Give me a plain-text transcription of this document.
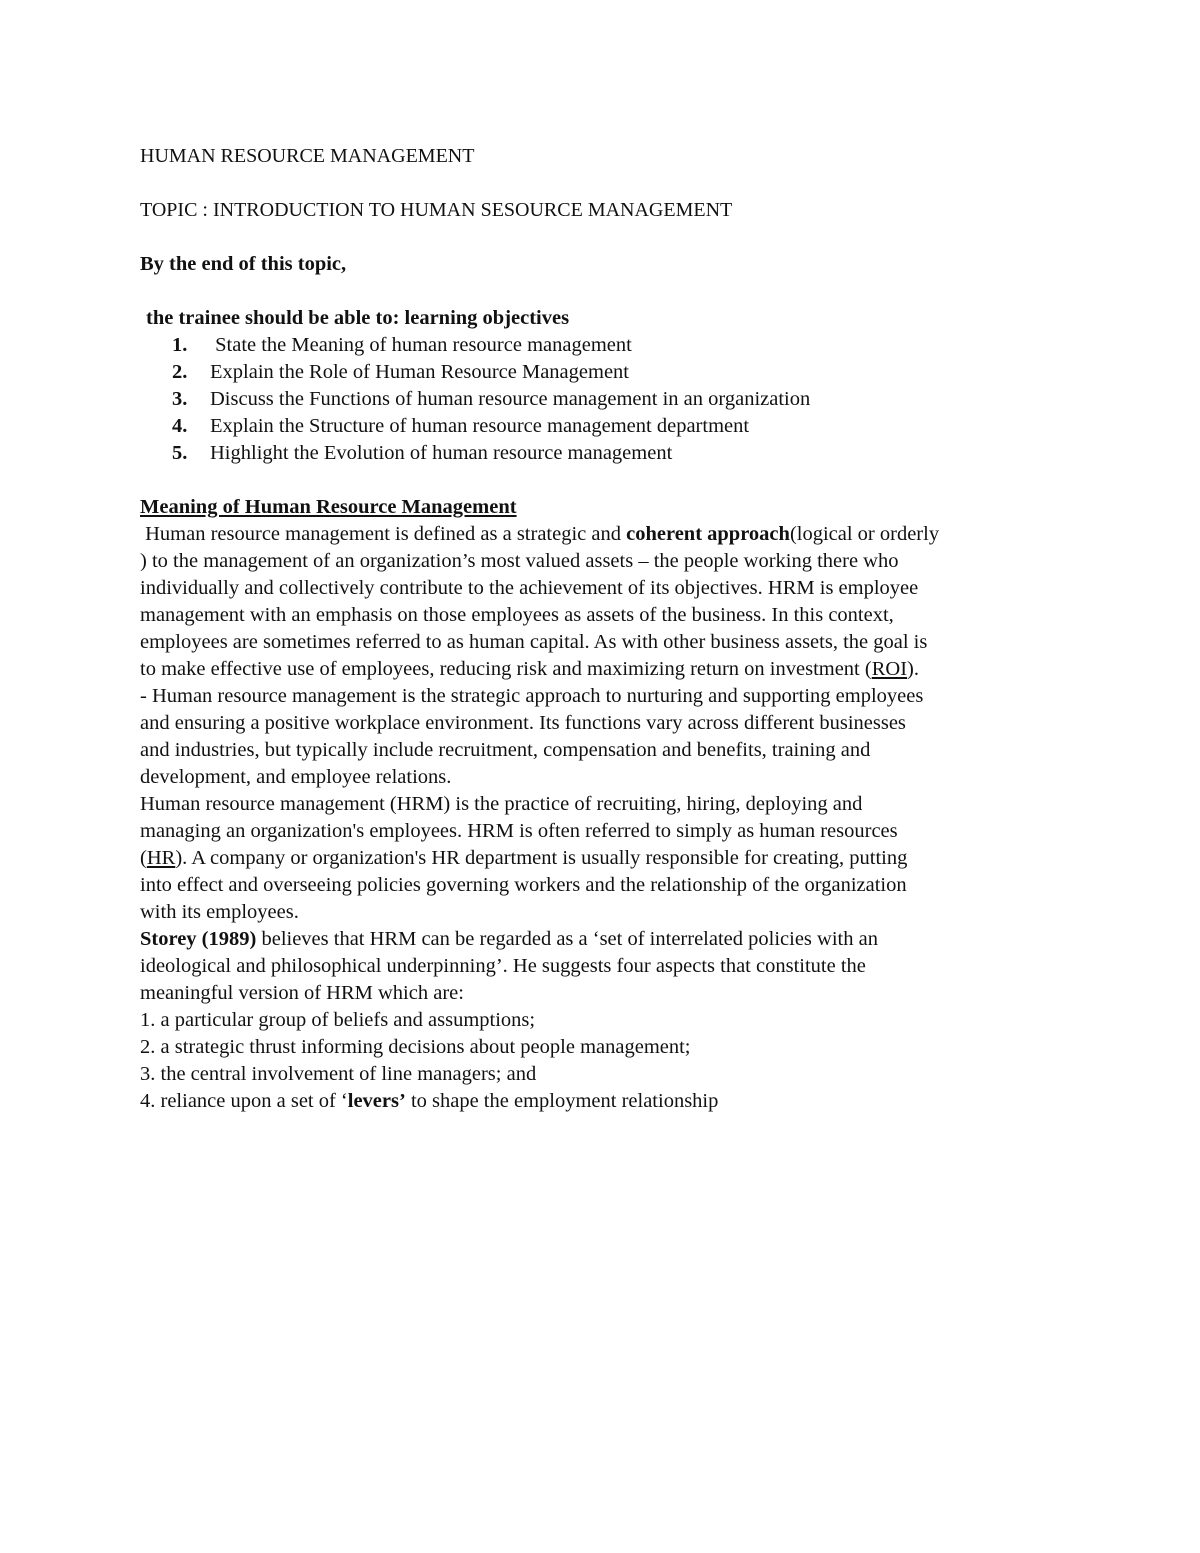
HUMAN RESOURCE MANAGEMENT

TOPIC : INTRODUCTION TO HUMAN SESOURCE MANAGEMENT

By the end of this topic,

the trainee should be able to: learning objectives

1.	State the Meaning of human resource management
2.	Explain the Role of Human Resource Management
3.	Discuss the Functions of human resource management in an organization
4.	Explain the Structure of human resource management department
5.	Highlight the Evolution of human resource management

Meaning of Human Resource Management

Human resource management is defined as a strategic and coherent approach(logical or orderly
) to the management of an organization’s most valued assets – the people working there who
individually and collectively contribute to the achievement of its objectives. HRM is employee
management with an emphasis on those employees as assets of the business. In this context,
employees are sometimes referred to as human capital. As with other business assets, the goal is
to make effective use of employees, reducing risk and maximizing return on investment (ROI).
- Human resource management is the strategic approach to nurturing and supporting employees
and ensuring a positive workplace environment. Its functions vary across different businesses
and industries, but typically include recruitment, compensation and benefits, training and
development, and employee relations.
Human resource management (HRM) is the practice of recruiting, hiring, deploying and
managing an organization's employees. HRM is often referred to simply as human resources
(HR). A company or organization's HR department is usually responsible for creating, putting
into effect and overseeing policies governing workers and the relationship of the organization
with its employees.
Storey (1989) believes that HRM can be regarded as a ‘set of interrelated policies with an
ideological and philosophical underpinning’. He suggests four aspects that constitute the
meaningful version of HRM which are:
1. a particular group of beliefs and assumptions;
2. a strategic thrust informing decisions about people management;
3. the central involvement of line managers; and
4. reliance upon a set of ‘levers’ to shape the employment relationship
